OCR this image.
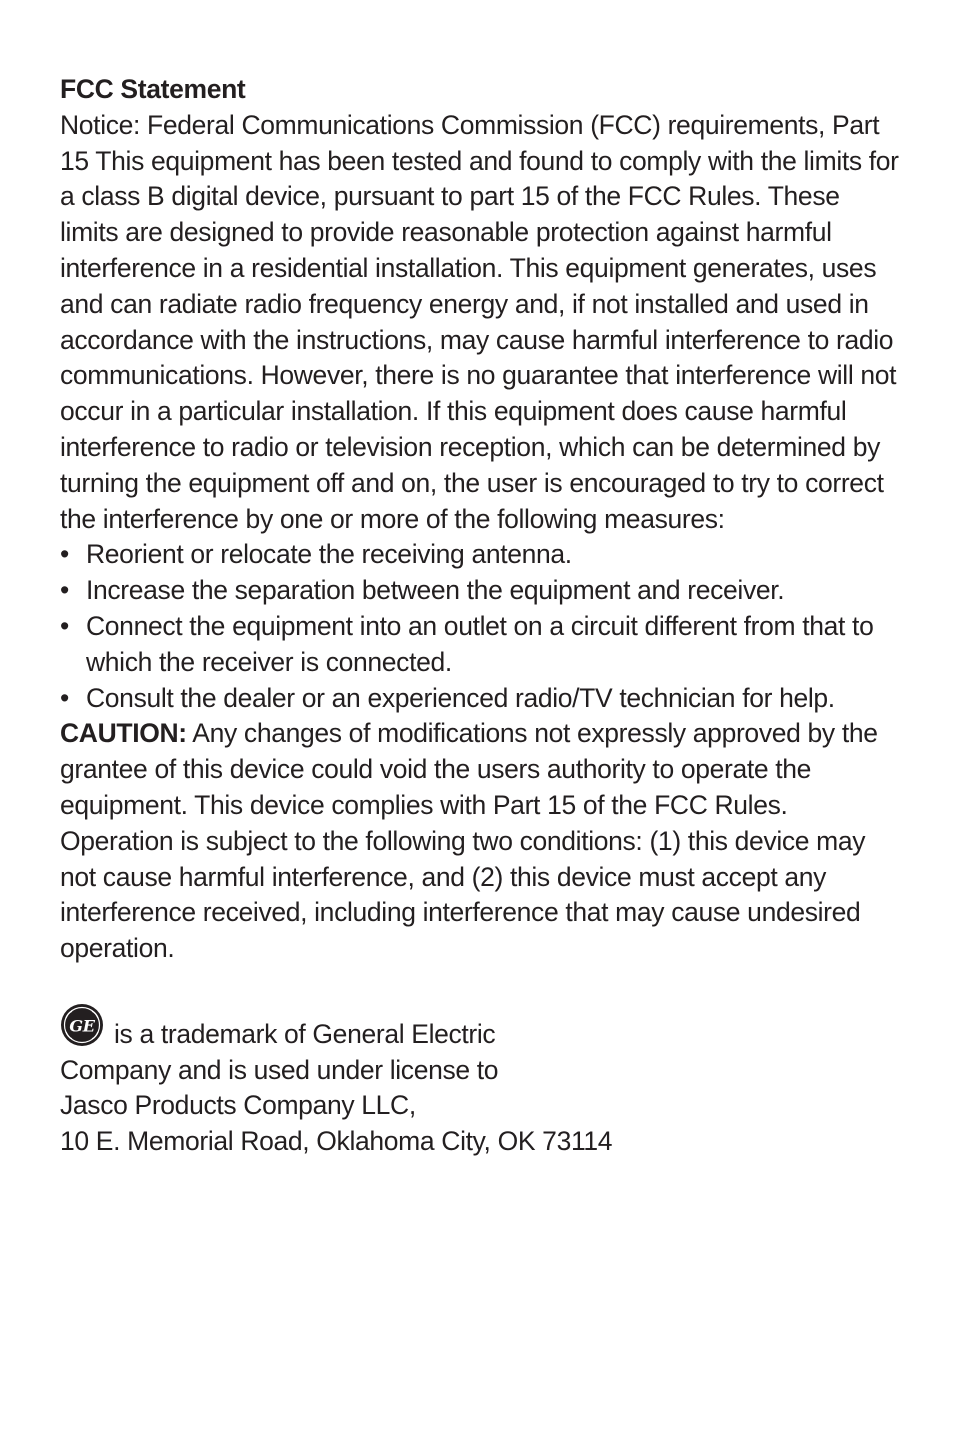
FCC Statement

Notice: Federal Communications Commission (FCC) requirements, Part 15 This equipment has been tested and found to comply with the limits for a class B digital device, pursuant to part 15 of the FCC Rules. These limits are designed to provide reasonable protection against harmful interference in a residential installation. This equipment generates, uses and can radiate radio frequency energy and, if not installed and used in accordance with the instructions, may cause harmful interference to radio communications. However, there is no guarantee that interference will not occur in a particular installation. If this equipment does cause harmful interference to radio or television reception, which can be determined by turning the equipment off and on, the user is encouraged to try to correct the interference by one or more of the following measures:

• Reorient or relocate the receiving antenna.
• Increase the separation between the equipment and receiver.
• Connect the equipment into an outlet on a circuit different from that to which the receiver is connected.
• Consult the dealer or an experienced radio/TV technician for help.

CAUTION: Any changes of modifications not expressly approved by the grantee of this device could void the users authority to operate the equipment. This device complies with Part 15 of the FCC Rules. Operation is subject to the following two conditions: (1) this device may not cause harmful interference, and (2) this device must accept any interference received, including interference that may cause undesired operation.

GE is a trademark of General Electric

Company and is used under license to

Jasco Products Company LLC,

10 E. Memorial Road, Oklahoma City, OK 73114
